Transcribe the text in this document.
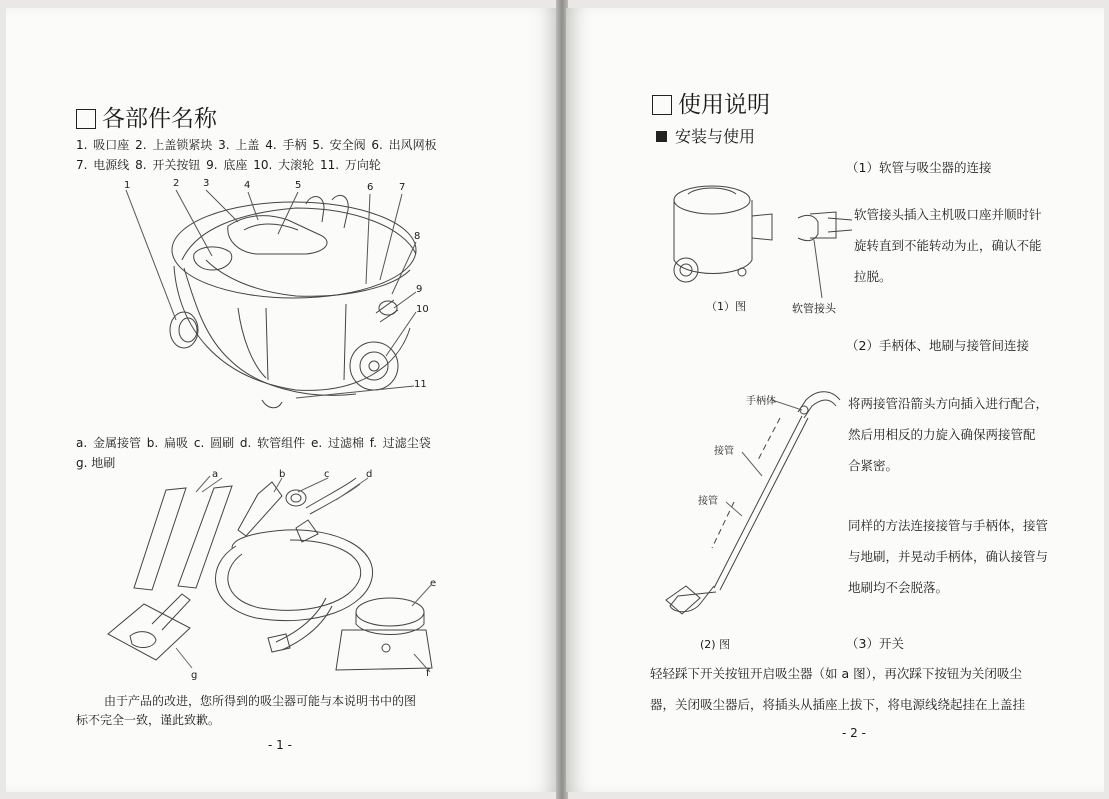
各部件名称
1. 吸口座 2. 上盖锁紧块 3. 上盖 4. 手柄 5. 安全阀 6. 出风网板
7. 电源线 8. 开关按钮 9. 底座 10. 大滚轮 11. 万向轮
1	2 3	4	5	6	7
8
9
10
11
a. 金属接管 b. 扁吸 c. 圆刷 d. 软管组件 e. 过滤棉 f. 过滤尘袋
g. 地刷
a	b	c	d
e
f
g
由于产品的改进，您所得到的吸尘器可能与本说明书中的图
标不完全一致，谨此致歉。
- 1 -
使用说明
安装与使用
（1）软管与吸尘器的连接
软管接头插入主机吸口座并顺时针
旋转直到不能转动为止，确认不能
拉脱。
（1）图	软管接头
（2）手柄体、地刷与接管间连接
将两接管沿箭头方向插入进行配合，
然后用相反的力旋入确保两接管配
合紧密。
同样的方法连接接管与手柄体，接管
与地刷，并晃动手柄体，确认接管与
地刷均不会脱落。
手柄体
接管
接管
(2) 图	（3）开关
轻轻踩下开关按钮开启吸尘器（如 a 图），再次踩下按钮为关闭吸尘
器，关闭吸尘器后，将插头从插座上拔下，将电源线绕起挂在上盖挂
- 2 -
